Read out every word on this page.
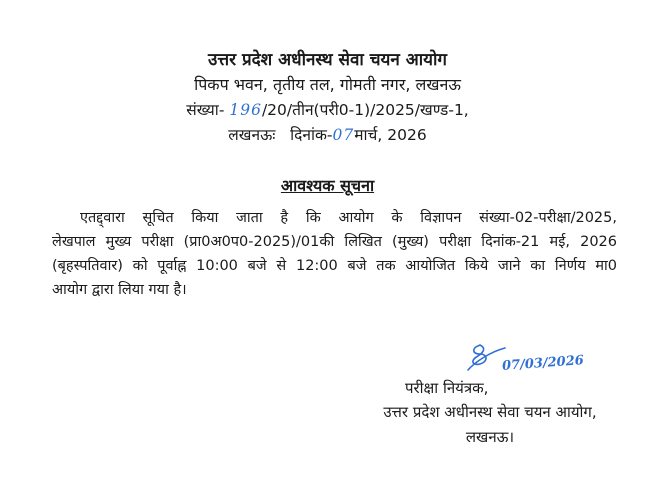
उत्तर प्रदेश अधीनस्थ सेवा चयन आयोग
पिकप भवन, तृतीय तल, गोमती नगर, लखनऊ
संख्या- 196/20/तीन(परी0-1)/2025/खण्ड-1,
लखनऊः   दिनांक-07मार्च, 2026
आवश्यक सूचना
एतद्द्वारा सूचित किया जाता है कि आयोग के विज्ञापन संख्या-02-परीक्षा/2025,
लेखपाल मुख्य परीक्षा (प्रा0अ0प0-2025)/01की लिखित (मुख्य) परीक्षा दिनांक-21 मई, 2026
(बृहस्पतिवार) को पूर्वाह्न 10:00 बजे से 12:00 बजे तक आयोजित किये जाने का निर्णय मा0
आयोग द्वारा लिया गया है।
07/03/2026
परीक्षा नियंत्रक,
उत्तर प्रदेश अधीनस्थ सेवा चयन आयोग,
लखनऊ।
